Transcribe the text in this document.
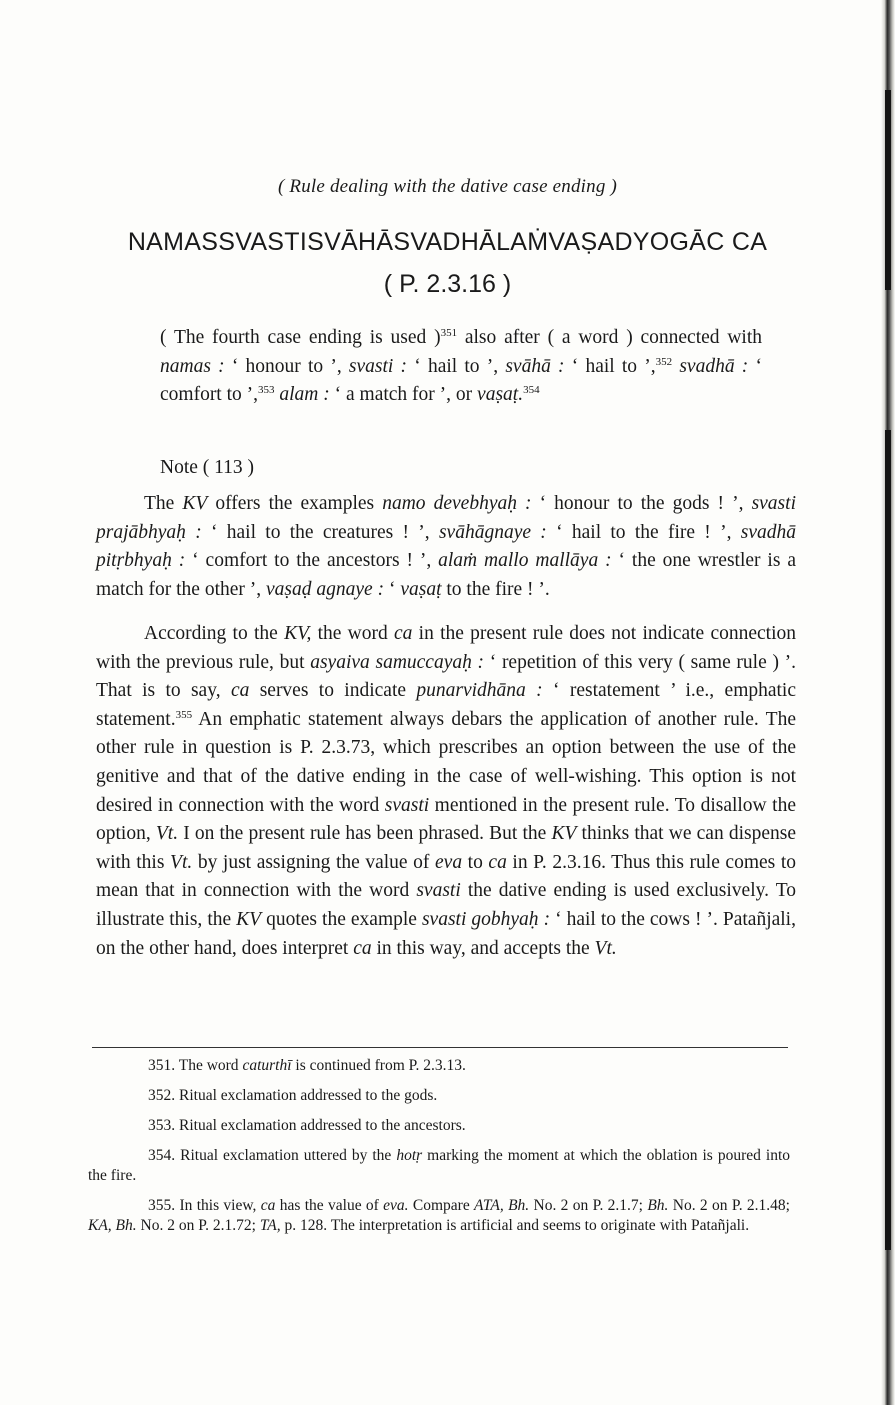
( Rule dealing with the dative case ending )
NAMASSVASTISVĀHĀSVADHĀLAṀVAṢADYOGĀC CA
( P. 2.3.16 )
( The fourth case ending is used )$^{351}$ also after ( a word ) connected with namas : ‘ honour to ’, svasti : ‘ hail to ’, svāhā : ‘ hail to ’,$^{352}$ svadhā : ‘ comfort to ’,$^{353}$ alam : ‘ a match for ’, or vaṣaṭ.$^{354}$
Note ( 113 )
The KV offers the examples namo devebhyaḥ : ‘ honour to the gods ! ’, svasti prajābhyaḥ : ‘ hail to the creatures ! ’, svāhāgnaye : ‘ hail to the fire ! ’, svadhā pitṛbhyaḥ : ‘ comfort to the ancestors ! ’, alaṁ mallo mallāya : ‘ the one wrestler is a match for the other ’, vaṣaḍ agnaye : ‘ vaṣaṭ to the fire ! ’.
According to the KV, the word ca in the present rule does not indicate connection with the previous rule, but asyaiva samuccayaḥ : ‘ repetition of this very ( same rule ) ’. That is to say, ca serves to indicate punarvidhāna : ‘ restatement ’ i.e., emphatic statement.$^{355}$ An emphatic statement always debars the application of another rule. The other rule in question is P. 2.3.73, which prescribes an option between the use of the genitive and that of the dative ending in the case of well-wishing. This option is not desired in connection with the word svasti mentioned in the present rule. To disallow the option, Vt. I on the present rule has been phrased. But the KV thinks that we can dispense with this Vt. by just assigning the value of eva to ca in P. 2.3.16. Thus this rule comes to mean that in connection with the word svasti the dative ending is used exclusively. To illustrate this, the KV quotes the example svasti gobhyaḥ : ‘ hail to the cows ! ’. Patañjali, on the other hand, does interpret ca in this way, and accepts the Vt.
351. The word caturthī is continued from P. 2.3.13.
352. Ritual exclamation addressed to the gods.
353. Ritual exclamation addressed to the ancestors.
354. Ritual exclamation uttered by the hotṛ marking the moment at which the oblation is poured into the fire.
355. In this view, ca has the value of eva. Compare ATA, Bh. No. 2 on P. 2.1.7; Bh. No. 2 on P. 2.1.48; KA, Bh. No. 2 on P. 2.1.72; TA, p. 128. The interpretation is artificial and seems to originate with Patañjali.
